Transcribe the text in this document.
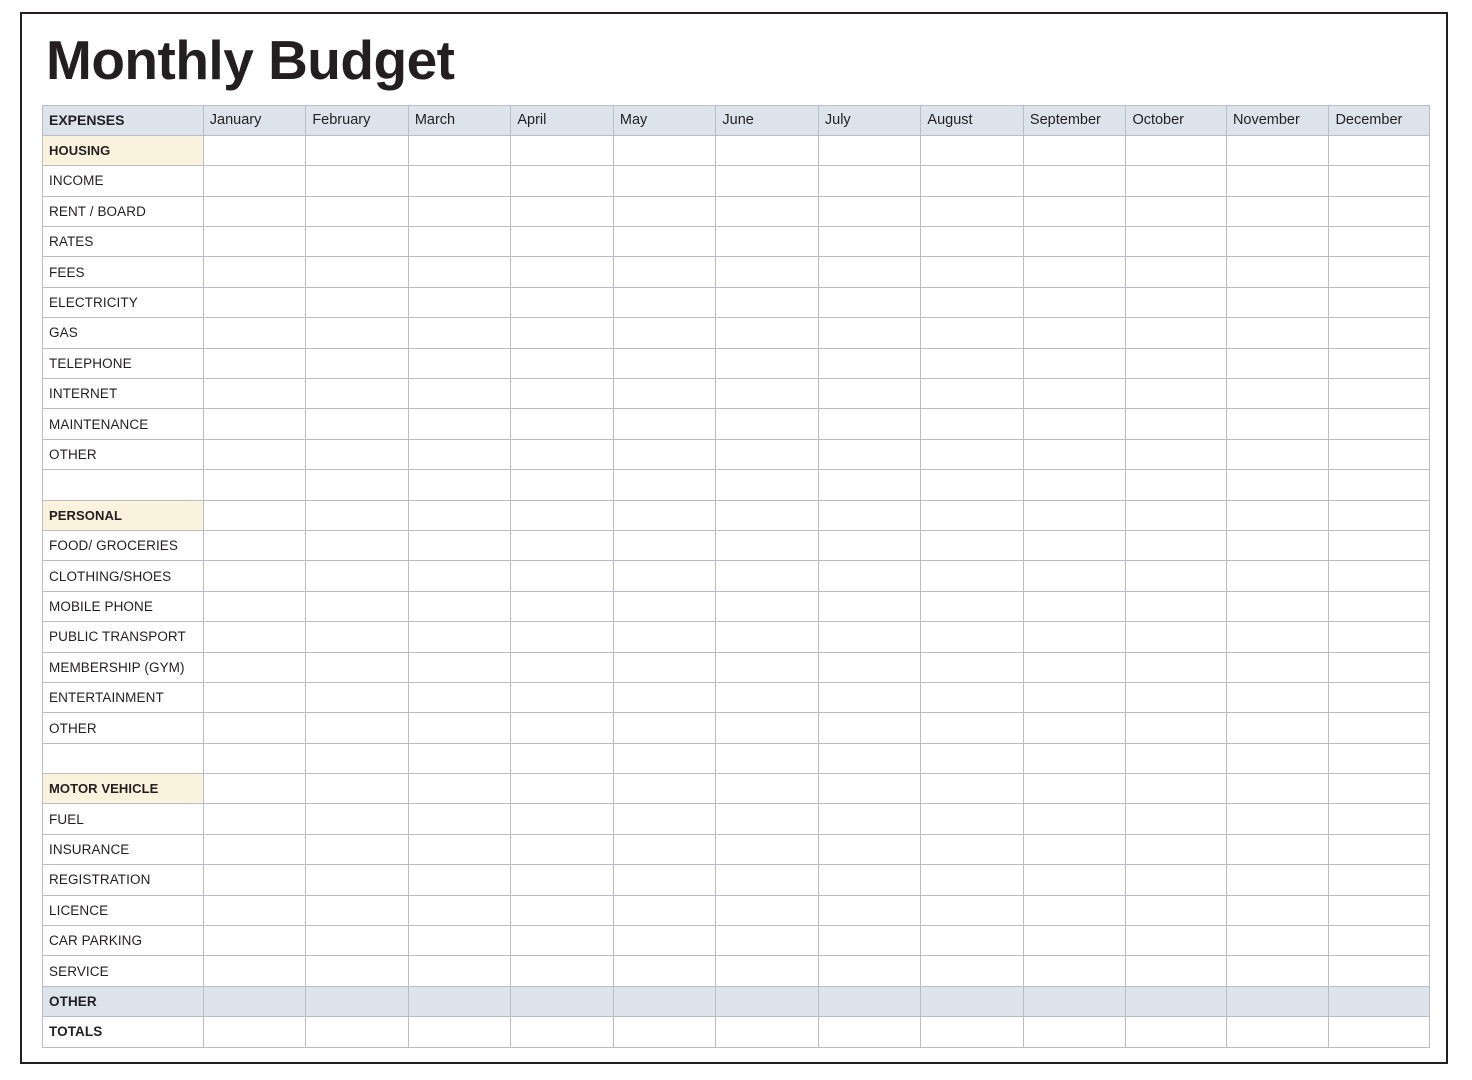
Monthly Budget
EXPENSES	January	February	March	April	May	June	July	August	September	October	November	December
HOUSING												
INCOME												
RENT / BOARD												
RATES												
FEES												
ELECTRICITY												
GAS												
TELEPHONE												
INTERNET												
MAINTENANCE												
OTHER												

PERSONAL												
FOOD/ GROCERIES												
CLOTHING/SHOES												
MOBILE PHONE												
PUBLIC TRANSPORT												
MEMBERSHIP (GYM)												
ENTERTAINMENT												
OTHER												

MOTOR VEHICLE												
FUEL												
INSURANCE												
REGISTRATION												
LICENCE												
CAR PARKING												
SERVICE												
OTHER												
TOTALS												
